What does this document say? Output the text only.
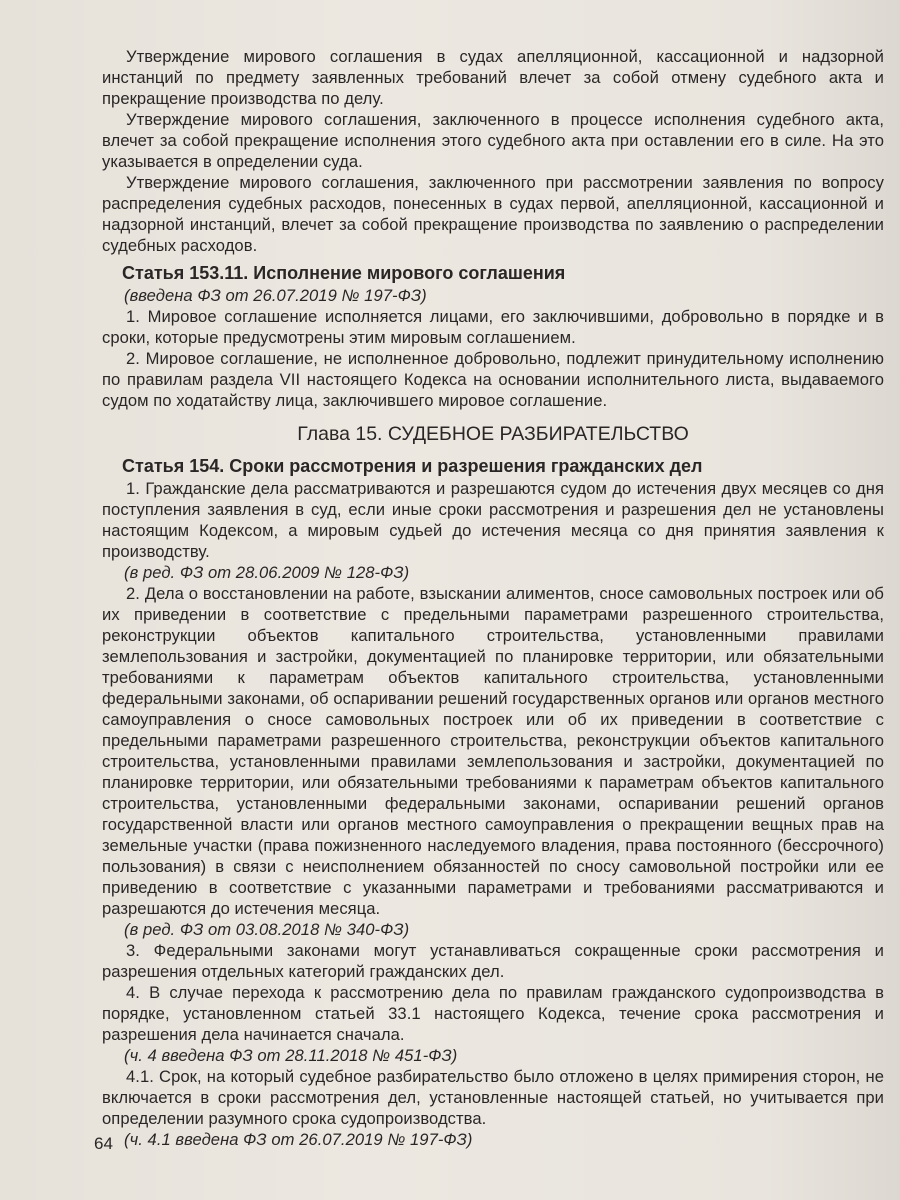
Утверждение мирового соглашения в судах апелляционной, кассационной и надзорной инстанций по предмету заявленных требований влечет за собой отмену судебного акта и прекращение производства по делу.

Утверждение мирового соглашения, заключенного в процессе исполнения судебного акта, влечет за собой прекращение исполнения этого судебного акта при оставлении его в силе. На это указывается в определении суда.

Утверждение мирового соглашения, заключенного при рассмотрении заявления по вопросу распределения судебных расходов, понесенных в судах первой, апелляционной, кассационной и надзорной инстанций, влечет за собой прекращение производства по заявлению о распределении судебных расходов.

Статья 153.11. Исполнение мирового соглашения

(введена ФЗ от 26.07.2019 № 197-ФЗ)

1. Мировое соглашение исполняется лицами, его заключившими, добровольно в порядке и в сроки, которые предусмотрены этим мировым соглашением.

2. Мировое соглашение, не исполненное добровольно, подлежит принудительному исполнению по правилам раздела VII настоящего Кодекса на основании исполнительного листа, выдаваемого судом по ходатайству лица, заключившего мировое соглашение.

Глава 15. СУДЕБНОЕ РАЗБИРАТЕЛЬСТВО
Статья 154. Сроки рассмотрения и разрешения гражданских дел

1. Гражданские дела рассматриваются и разрешаются судом до истечения двух месяцев со дня поступления заявления в суд, если иные сроки рассмотрения и разрешения дел не установлены настоящим Кодексом, а мировым судьей до истечения месяца со дня принятия заявления к производству.

(в ред. ФЗ от 28.06.2009 № 128-ФЗ)

2. Дела о восстановлении на работе, взыскании алиментов, сносе самовольных построек или об их приведении в соответствие с предельными параметрами разрешенного строительства, реконструкции объектов капитального строительства, установленными правилами землепользования и застройки, документацией по планировке территории, или обязательными требованиями к параметрам объектов капитального строительства, установленными федеральными законами, об оспаривании решений государственных органов или органов местного самоуправления о сносе самовольных построек или об их приведении в соответствие с предельными параметрами разрешенного строительства, реконструкции объектов капитального строительства, установленными правилами землепользования и застройки, документацией по планировке территории, или обязательными требованиями к параметрам объектов капитального строительства, установленными федеральными законами, оспаривании решений органов государственной власти или органов местного самоуправления о прекращении вещных прав на земельные участки (права пожизненного наследуемого владения, права постоянного (бессрочного) пользования) в связи с неисполнением обязанностей по сносу самовольной постройки или ее приведению в соответствие с указанными параметрами и требованиями рассматриваются и разрешаются до истечения месяца.

(в ред. ФЗ от 03.08.2018 № 340-ФЗ)

3. Федеральными законами могут устанавливаться сокращенные сроки рассмотрения и разрешения отдельных категорий гражданских дел.

4. В случае перехода к рассмотрению дела по правилам гражданского судопроизводства в порядке, установленном статьей 33.1 настоящего Кодекса, течение срока рассмотрения и разрешения дела начинается сначала.

(ч. 4 введена ФЗ от 28.11.2018 № 451-ФЗ)

4.1. Срок, на который судебное разбирательство было отложено в целях примирения сторон, не включается в сроки рассмотрения дел, установленные настоящей статьей, но учитывается при определении разумного срока судопроизводства.

(ч. 4.1 введена ФЗ от 26.07.2019 № 197-ФЗ)

64
